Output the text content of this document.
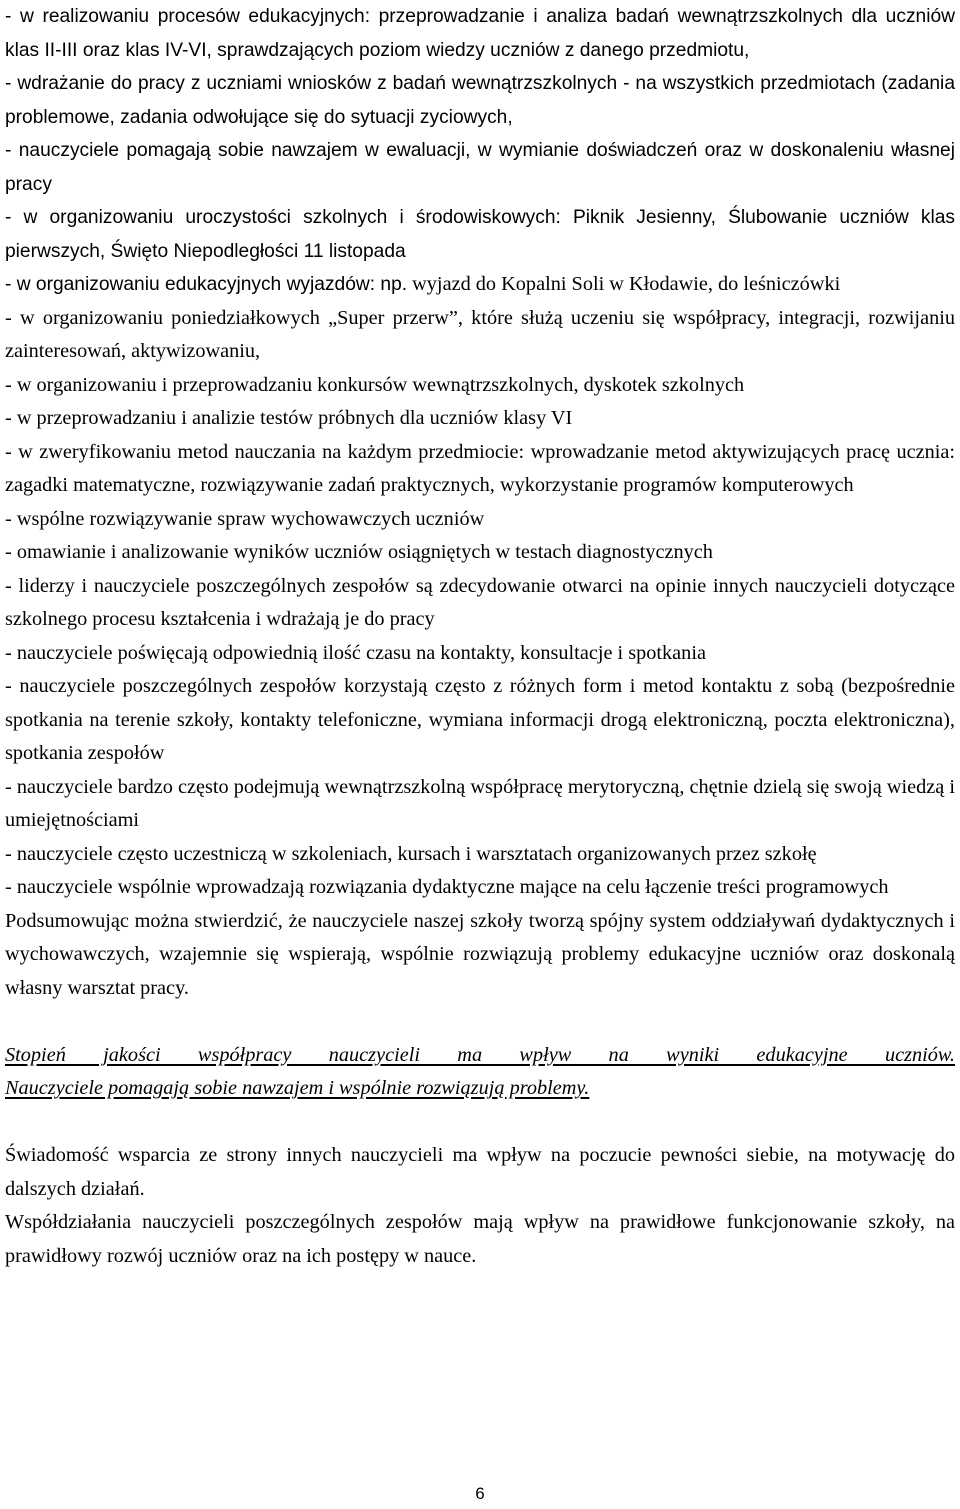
- w realizowaniu procesów edukacyjnych: przeprowadzanie i analiza badań wewnątrzszkolnych dla uczniów klas II-III oraz klas IV-VI, sprawdzających poziom wiedzy uczniów z danego przedmiotu,

- wdrażanie do pracy z uczniami wniosków z badań wewnątrzszkolnych - na wszystkich przedmiotach (zadania problemowe, zadania odwołujące się do sytuacji zyciowych,

- nauczyciele pomagają sobie nawzajem w ewaluacji, w wymianie doświadczeń oraz w doskonaleniu własnej pracy

- w organizowaniu uroczystości szkolnych i środowiskowych: Piknik Jesienny, Ślubowanie uczniów klas pierwszych, Święto Niepodległości 11 listopada

- w organizowaniu edukacyjnych wyjazdów: np. wyjazd do Kopalni Soli w Kłodawie, do leśniczówki

- w organizowaniu poniedziałkowych „Super przerw”, które służą uczeniu się współpracy, integracji, rozwijaniu zainteresowań, aktywizowaniu,

- w organizowaniu i przeprowadzaniu konkursów wewnątrzszkolnych, dyskotek szkolnych

- w przeprowadzaniu i analizie testów próbnych dla uczniów klasy VI

- w zweryfikowaniu metod nauczania na każdym przedmiocie: wprowadzanie metod aktywizujących pracę ucznia: zagadki matematyczne, rozwiązywanie zadań praktycznych, wykorzystanie programów komputerowych

- wspólne rozwiązywanie spraw wychowawczych uczniów

- omawianie i analizowanie wyników uczniów osiągniętych w testach diagnostycznych

- liderzy i nauczyciele poszczególnych zespołów są zdecydowanie otwarci na opinie innych nauczycieli dotyczące szkolnego procesu kształcenia i wdrażają je do pracy

- nauczyciele poświęcają odpowiednią ilość czasu na kontakty, konsultacje i spotkania

- nauczyciele poszczególnych zespołów korzystają często z różnych form i metod kontaktu z sobą (bezpośrednie spotkania na terenie szkoły, kontakty telefoniczne, wymiana informacji drogą elektroniczną, poczta elektroniczna), spotkania zespołów

- nauczyciele bardzo często podejmują wewnątrzszkolną współpracę merytoryczną, chętnie dzielą się swoją wiedzą i umiejętnościami

- nauczyciele często uczestniczą w szkoleniach, kursach i warsztatach organizowanych przez szkołę

- nauczyciele wspólnie wprowadzają rozwiązania dydaktyczne mające na celu łączenie treści programowych

Podsumowując można stwierdzić, że nauczyciele naszej szkoły tworzą spójny system oddziaływań dydaktycznych i wychowawczych, wzajemnie się wspierają, wspólnie rozwiązują problemy edukacyjne uczniów oraz doskonalą własny warsztat pracy.

Stopień jakości współpracy nauczycieli ma wpływ na wyniki edukacyjne uczniów.

Nauczyciele pomagają sobie nawzajem i wspólnie rozwiązują problemy.

Świadomość wsparcia ze strony innych nauczycieli ma wpływ na poczucie pewności siebie, na motywację do dalszych działań.

Współdziałania nauczycieli poszczególnych zespołów mają wpływ na prawidłowe funkcjonowanie szkoły, na prawidłowy rozwój uczniów oraz na ich postępy w nauce.

6
